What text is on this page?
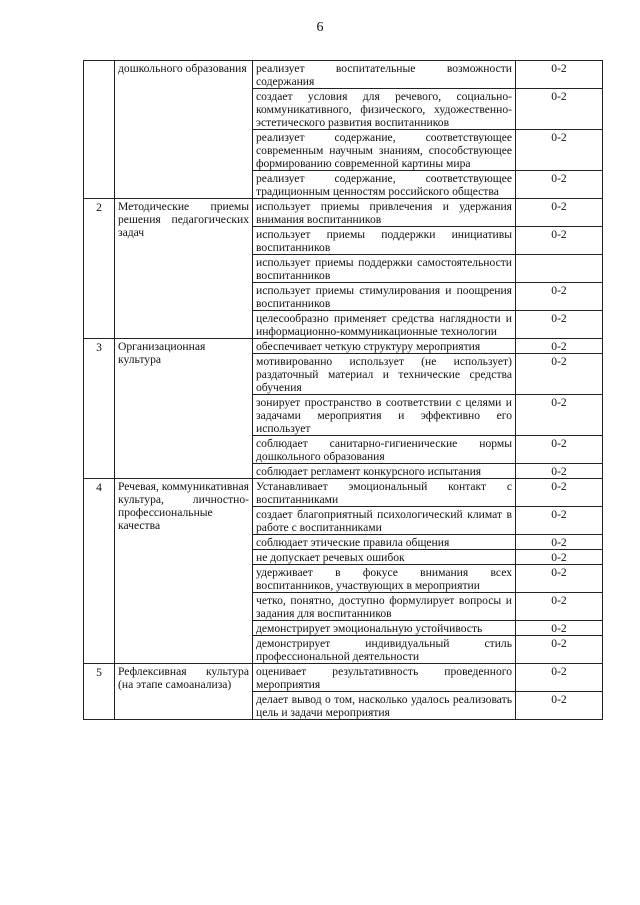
6
	дошкольного образования	реализует воспитательные возможности содержания	0-2
		создает условия для речевого, социально-коммуникативного, физического, художественно-эстетического развития воспитанников	0-2
		реализует содержание, соответствующее современным научным знаниям, способствующее формированию современной картины мира	0-2
		реализует содержание, соответствующее традиционным ценностям российского общества	0-2
2	Методические приемы решения педагогических задач	использует приемы привлечения и удержания внимания воспитанников	0-2
		использует приемы поддержки инициативы воспитанников	0-2
		использует приемы поддержки самостоятельности воспитанников	
		использует приемы стимулирования и поощрения воспитанников	0-2
		целесообразно применяет средства наглядности и информационно-коммуникационные технологии	0-2
3	Организационная культура	обеспечивает четкую структуру мероприятия	0-2
		мотивированно использует (не использует) раздаточный материал и технические средства обучения	0-2
		зонирует пространство в соответствии с целями и задачами мероприятия и эффективно его использует	0-2
		соблюдает санитарно-гигиенические нормы дошкольного образования	0-2
		соблюдает регламент конкурсного испытания	0-2
4	Речевая, коммуникативная культура, личностно-профессиональные качества	Устанавливает эмоциональный контакт с воспитанниками	0-2
		создает благоприятный психологический климат в работе с воспитанниками	0-2
		соблюдает этические правила общения	0-2
		не допускает речевых ошибок	0-2
		удерживает в фокусе внимания всех воспитанников, участвующих в мероприятии	0-2
		четко, понятно, доступно формулирует вопросы и задания для воспитанников	0-2
		демонстрирует эмоциональную устойчивость	0-2
		демонстрирует индивидуальный стиль профессиональной деятельности	0-2
5	Рефлексивная культура (на этапе самоанализа)	оценивает результативность проведенного мероприятия	0-2
		делает вывод о том, насколько удалось реализовать цель и задачи мероприятия	0-2
